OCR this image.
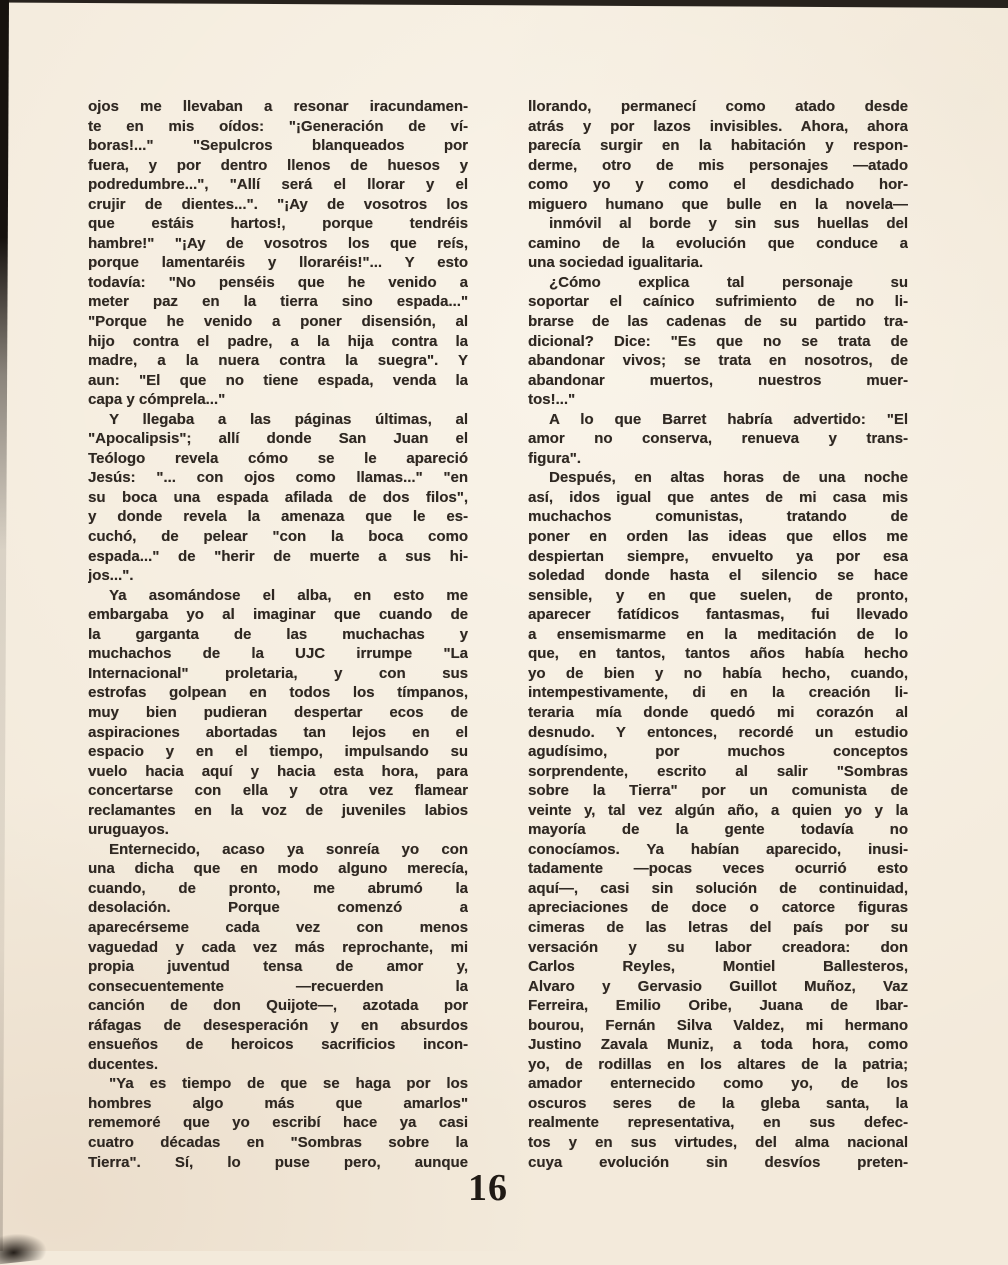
ojos me llevaban a resonar iracundamen-
te en mis oídos: "¡Generación de ví-
boras!..." "Sepulcros blanqueados por
fuera, y por dentro llenos de huesos y
podredumbre...", "Allí será el llorar y el
crujir de dientes...". "¡Ay de vosotros los
que estáis hartos!, porque tendréis
hambre!" "¡Ay de vosotros los que reís,
porque lamentaréis y lloraréis!"... Y esto
todavía: "No penséis que he venido a
meter paz en la tierra sino espada..."
"Porque he venido a poner disensión, al
hijo contra el padre, a la hija contra la
madre, a la nuera contra la suegra". Y
aun: "El que no tiene espada, venda la
capa y cómprela..."
Y llegaba a las páginas últimas, al
"Apocalipsis"; allí donde San Juan el
Teólogo revela cómo se le apareció
Jesús: "... con ojos como llamas..." "en
su boca una espada afilada de dos filos",
y donde revela la amenaza que le es-
cuchó, de pelear "con la boca como
espada..." de "herir de muerte a sus hi-
jos...".
Ya asomándose el alba, en esto me
embargaba yo al imaginar que cuando de
la garganta de las muchachas y
muchachos de la UJC irrumpe "La
Internacional" proletaria, y con sus
estrofas golpean en todos los tímpanos,
muy bien pudieran despertar ecos de
aspiraciones abortadas tan lejos en el
espacio y en el tiempo, impulsando su
vuelo hacia aquí y hacia esta hora, para
concertarse con ella y otra vez flamear
reclamantes en la voz de juveniles labios
uruguayos.
Enternecido, acaso ya sonreía yo con
una dicha que en modo alguno merecía,
cuando, de pronto, me abrumó la
desolación. Porque comenzó a
aparecérseme cada vez con menos
vaguedad y cada vez más reprochante, mi
propia juventud tensa de amor y,
consecuentemente —recuerden la
canción de don Quijote—, azotada por
ráfagas de desesperación y en absurdos
ensueños de heroicos sacrificios incon-
ducentes.
"Ya es tiempo de que se haga por los
hombres algo más que amarlos"
rememoré que yo escribí hace ya casi
cuatro décadas en "Sombras sobre la
Tierra". Sí, lo puse pero, aunque
llorando, permanecí como atado desde
atrás y por lazos invisibles. Ahora, ahora
parecía surgir en la habitación y respon-
derme, otro de mis personajes —atado
como yo y como el desdichado hor-
miguero humano que bulle en la novela—
inmóvil al borde y sin sus huellas del
camino de la evolución que conduce a
una sociedad igualitaria.
¿Cómo explica tal personaje su
soportar el caínico sufrimiento de no li-
brarse de las cadenas de su partido tra-
dicional? Dice: "Es que no se trata de
abandonar vivos; se trata en nosotros, de
abandonar muertos, nuestros muer-
tos!..."
A lo que Barret habría advertido: "El
amor no conserva, renueva y trans-
figura".
Después, en altas horas de una noche
así, idos igual que antes de mi casa mis
muchachos comunistas, tratando de
poner en orden las ideas que ellos me
despiertan siempre, envuelto ya por esa
soledad donde hasta el silencio se hace
sensible, y en que suelen, de pronto,
aparecer fatídicos fantasmas, fui llevado
a ensemismarme en la meditación de lo
que, en tantos, tantos años había hecho
yo de bien y no había hecho, cuando,
intempestivamente, di en la creación li-
teraria mía donde quedó mi corazón al
desnudo. Y entonces, recordé un estudio
agudísimo, por muchos conceptos
sorprendente, escrito al salir "Sombras
sobre la Tierra" por un comunista de
veinte y, tal vez algún año, a quien yo y la
mayoría de la gente todavía no
conocíamos. Ya habían aparecido, inusi-
tadamente —pocas veces ocurrió esto
aquí—, casi sin solución de continuidad,
apreciaciones de doce o catorce figuras
cimeras de las letras del país por su
versación y su labor creadora: don
Carlos Reyles, Montiel Ballesteros,
Alvaro y Gervasio Guillot Muñoz, Vaz
Ferreira, Emilio Oribe, Juana de Ibar-
bourou, Fernán Silva Valdez, mi hermano
Justino Zavala Muniz, a toda hora, como
yo, de rodillas en los altares de la patria;
amador enternecido como yo, de los
oscuros seres de la gleba santa, la
realmente representativa, en sus defec-
tos y en sus virtudes, del alma nacional
cuya evolución sin desvíos preten-
16
